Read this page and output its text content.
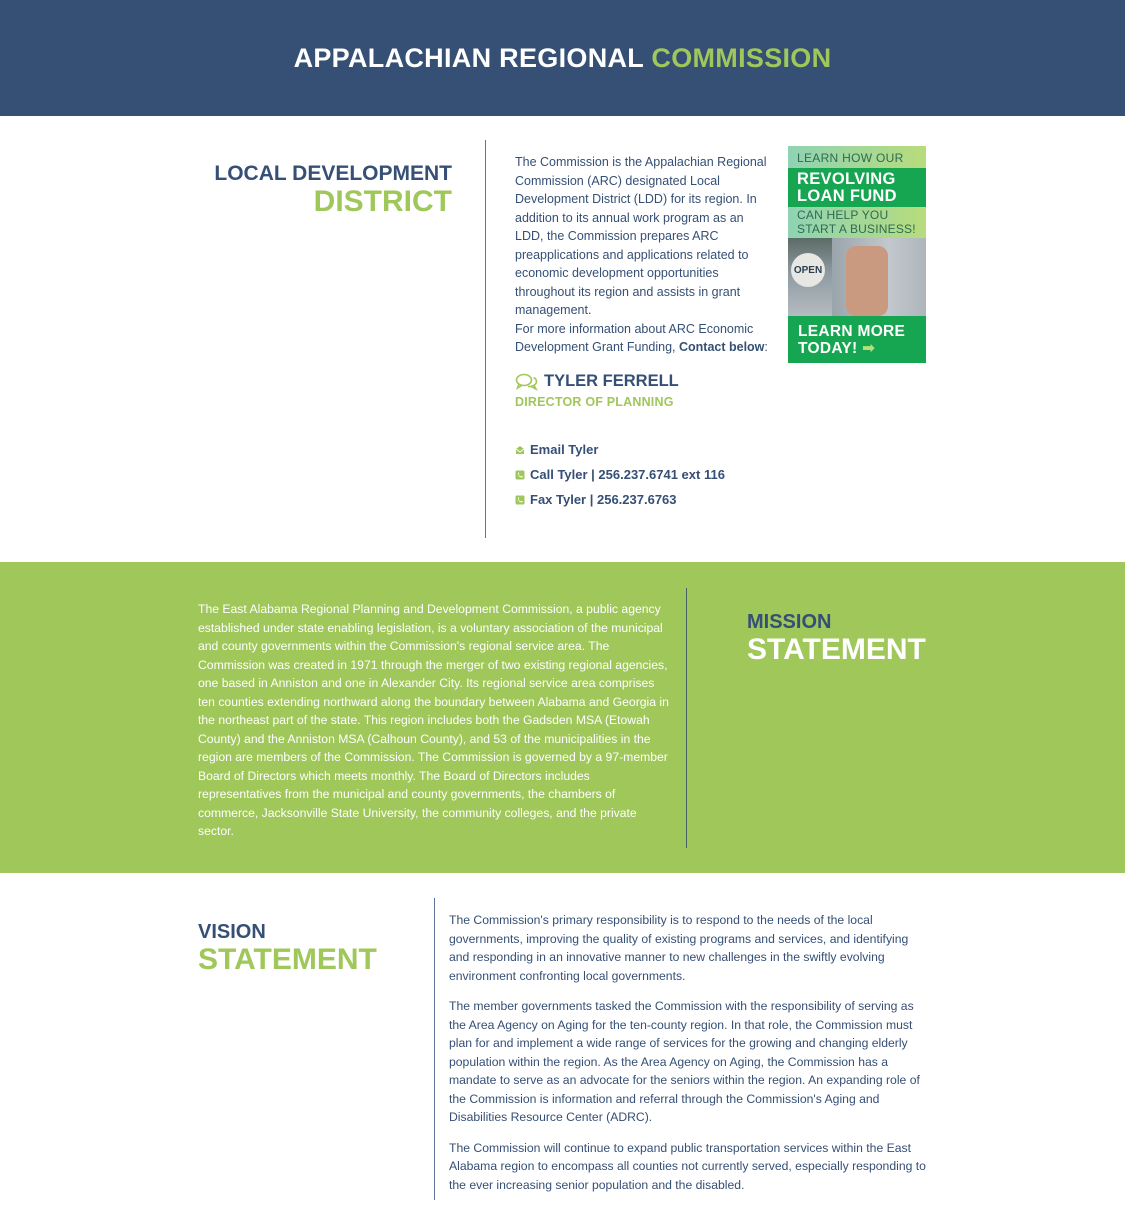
APPALACHIAN REGIONAL COMMISSION
LOCAL DEVELOPMENT
DISTRICT
The Commission is the Appalachian Regional Commission (ARC) designated Local Development District (LDD) for its region. In addition to its annual work program as an LDD, the Commission prepares ARC preapplications and applications related to economic development opportunities throughout its region and assists in grant management.
For more information about ARC Economic Development Grant Funding, Contact below:
LEARN HOW OUR
REVOLVING
LOAN FUND
CAN HELP YOU
START A BUSINESS!
OPEN
LEARN MORE
TODAY! ➡
TYLER FERRELL
DIRECTOR OF PLANNING
Email Tyler
Call Tyler | 256.237.6741 ext 116
Fax Tyler | 256.237.6763
The East Alabama Regional Planning and Development Commission, a public agency established under state enabling legislation, is a voluntary association of the municipal and county governments within the Commission's regional service area. The Commission was created in 1971 through the merger of two existing regional agencies, one based in Anniston and one in Alexander City. Its regional service area comprises ten counties extending northward along the boundary between Alabama and Georgia in the northeast part of the state. This region includes both the Gadsden MSA (Etowah County) and the Anniston MSA (Calhoun County), and 53 of the municipalities in the region are members of the Commission. The Commission is governed by a 97-member Board of Directors which meets monthly. The Board of Directors includes representatives from the municipal and county governments, the chambers of commerce, Jacksonville State University, the community colleges, and the private sector.
MISSION
STATEMENT
VISION
STATEMENT

The Commission's primary responsibility is to respond to the needs of the local governments, improving the quality of existing programs and services, and identifying and responding in an innovative manner to new challenges in the swiftly evolving environment confronting local governments.

The member governments tasked the Commission with the responsibility of serving as the Area Agency on Aging for the ten-county region. In that role, the Commission must plan for and implement a wide range of services for the growing and changing elderly population within the region. As the Area Agency on Aging, the Commission has a mandate to serve as an advocate for the seniors within the region. An expanding role of the Commission is information and referral through the Commission's Aging and Disabilities Resource Center (ADRC).

The Commission will continue to expand public transportation services within the East Alabama region to encompass all counties not currently served, especially responding to the ever increasing senior population and the disabled.
